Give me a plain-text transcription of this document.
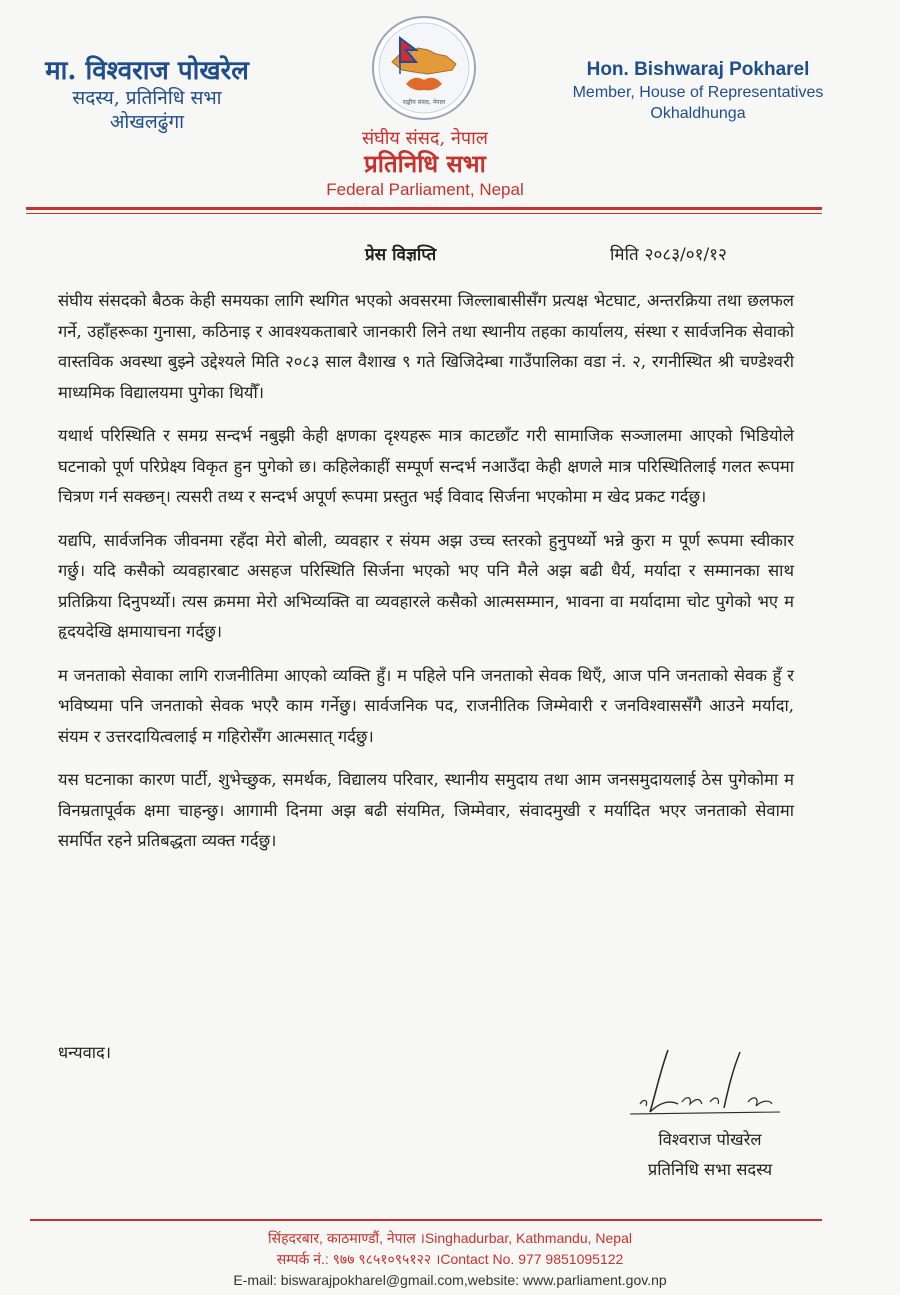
मा. विश्वराज पोखरेल
सदस्य, प्रतिनिधि सभा
ओखलढुंगा
सङ्घीय संसद, नेपाल
संघीय संसद, नेपाल
प्रतिनिधि सभा
Federal Parliament, Nepal
Hon. Bishwaraj Pokharel
Member, House of Representatives
Okhaldhunga
प्रेस विज्ञप्ति	मिति २०८३/०१/१२

संघीय संसदको बैठक केही समयका लागि स्थगित भएको अवसरमा जिल्लाबासीसँग प्रत्यक्ष भेटघाट, अन्तरक्रिया तथा छलफल गर्ने, उहाँहरूका गुनासा, कठिनाइ र आवश्यकताबारे जानकारी लिने तथा स्थानीय तहका कार्यालय, संस्था र सार्वजनिक सेवाको वास्तविक अवस्था बुझ्ने उद्देश्यले मिति २०८३ साल वैशाख ९ गते खिजिदेम्बा गाउँपालिका वडा नं. २, रगनीस्थित श्री चण्डेश्वरी माध्यमिक विद्यालयमा पुगेका थियौँ।

यथार्थ परिस्थिति र समग्र सन्दर्भ नबुझी केही क्षणका दृश्यहरू मात्र काटछाँट गरी सामाजिक सञ्जालमा आएको भिडियोले घटनाको पूर्ण परिप्रेक्ष्य विकृत हुन पुगेको छ। कहिलेकाहीं सम्पूर्ण सन्दर्भ नआउँदा केही क्षणले मात्र परिस्थितिलाई गलत रूपमा चित्रण गर्न सक्छन्। त्यसरी तथ्य र सन्दर्भ अपूर्ण रूपमा प्रस्तुत भई विवाद सिर्जना भएकोमा म खेद प्रकट गर्दछु।

यद्यपि, सार्वजनिक जीवनमा रहँदा मेरो बोली, व्यवहार र संयम अझ उच्च स्तरको हुनुपर्थ्यो भन्ने कुरा म पूर्ण रूपमा स्वीकार गर्छु। यदि कसैको व्यवहारबाट असहज परिस्थिति सिर्जना भएको भए पनि मैले अझ बढी धैर्य, मर्यादा र सम्मानका साथ प्रतिक्रिया दिनुपर्थ्यो। त्यस क्रममा मेरो अभिव्यक्ति वा व्यवहारले कसैको आत्मसम्मान, भावना वा मर्यादामा चोट पुगेको भए म हृदयदेखि क्षमायाचना गर्दछु।

म जनताको सेवाका लागि राजनीतिमा आएको व्यक्ति हुँ। म पहिले पनि जनताको सेवक थिएँ, आज पनि जनताको सेवक हुँ र भविष्यमा पनि जनताको सेवक भएरै काम गर्नेछु। सार्वजनिक पद, राजनीतिक जिम्मेवारी र जनविश्वाससँगै आउने मर्यादा, संयम र उत्तरदायित्वलाई म गहिरोसँग आत्मसात् गर्दछु।

यस घटनाका कारण पार्टी, शुभेच्छुक, समर्थक, विद्यालय परिवार, स्थानीय समुदाय तथा आम जनसमुदायलाई ठेस पुगेकोमा म विनम्रतापूर्वक क्षमा चाहन्छु। आगामी दिनमा अझ बढी संयमित, जिम्मेवार, संवादमुखी र मर्यादित भएर जनताको सेवामा समर्पित रहने प्रतिबद्धता व्यक्त गर्दछु।

धन्यवाद।
विश्वराज पोखरेल
प्रतिनिधि सभा सदस्य
सिंहदरबार, काठमाण्डौं, नेपाल ।Singhadurbar, Kathmandu, Nepal
सम्पर्क नं.: ९७७ ९८५१०९५१२२ ।Contact No. 977 9851095122
E-mail: biswarajpokharel@gmail.com,website: www.parliament.gov.np
